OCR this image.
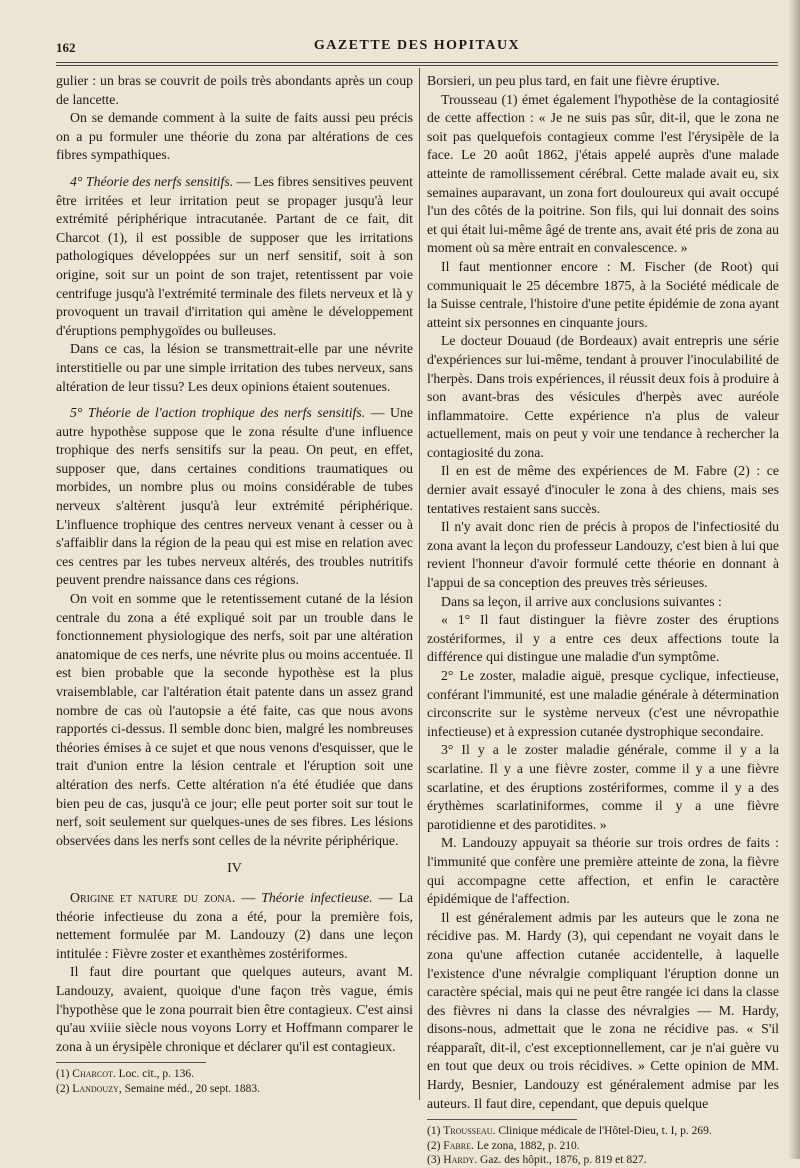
162	GAZETTE DES HOPITAUX

gulier : un bras se couvrit de poils très abondants après un coup de lancette.

On se demande comment à la suite de faits aussi peu précis on a pu formuler une théorie du zona par altérations de ces fibres sympathiques.

4° Théorie des nerfs sensitifs. — Les fibres sensitives peuvent être irritées et leur irritation peut se propager jusqu'à leur extrémité périphérique intracutanée. Partant de ce fait, dit Charcot (1), il est possible de supposer que les irritations pathologiques développées sur un nerf sensitif, soit à son origine, soit sur un point de son trajet, retentissent par voie centrifuge jusqu'à l'extrémité terminale des filets nerveux et là y provoquent un travail d'irritation qui amène le développement d'éruptions pemphygoïdes ou bulleuses.

Dans ce cas, la lésion se transmettrait-elle par une névrite interstitielle ou par une simple irritation des tubes nerveux, sans altération de leur tissu? Les deux opinions étaient soutenues.

5° Théorie de l'action trophique des nerfs sensitifs. — Une autre hypothèse suppose que le zona résulte d'une influence trophique des nerfs sensitifs sur la peau. On peut, en effet, supposer que, dans certaines conditions traumatiques ou morbides, un nombre plus ou moins considérable de tubes nerveux s'altèrent jusqu'à leur extrémité périphérique. L'influence trophique des centres nerveux venant à cesser ou à s'affaiblir dans la région de la peau qui est mise en relation avec ces centres par les tubes nerveux altérés, des troubles nutritifs peuvent prendre naissance dans ces régions.

On voit en somme que le retentissement cutané de la lésion centrale du zona a été expliqué soit par un trouble dans le fonctionnement physiologique des nerfs, soit par une altération anatomique de ces nerfs, une névrite plus ou moins accentuée. Il est bien probable que la seconde hypothèse est la plus vraisemblable, car l'altération était patente dans un assez grand nombre de cas où l'autopsie a été faite, cas que nous avons rapportés ci-dessus. Il semble donc bien, malgré les nombreuses théories émises à ce sujet et que nous venons d'esquisser, que le trait d'union entre la lésion centrale et l'éruption soit une altération des nerfs. Cette altération n'a été étudiée que dans bien peu de cas, jusqu'à ce jour; elle peut porter soit sur tout le nerf, soit seulement sur quelques-unes de ses fibres. Les lésions observées dans les nerfs sont celles de la névrite périphérique.

IV

Origine et nature du zona. — Théorie infectieuse. — La théorie infectieuse du zona a été, pour la première fois, nettement formulée par M. Landouzy (2) dans une leçon intitulée : Fièvre zoster et exanthèmes zostériformes.

Il faut dire pourtant que quelques auteurs, avant M. Landouzy, avaient, quoique d'une façon très vague, émis l'hypothèse que le zona pourrait bien être contagieux. C'est ainsi qu'au xviiie siècle nous voyons Lorry et Hoffmann comparer le zona à un érysipèle chronique et déclarer qu'il est contagieux.

(1) Charcot. Loc. cit., p. 136.
(2) Landouzy, Semaine méd., 20 sept. 1883.

Borsieri, un peu plus tard, en fait une fièvre éruptive.

Trousseau (1) émet également l'hypothèse de la contagiosité de cette affection : « Je ne suis pas sûr, dit-il, que le zona ne soit pas quelquefois contagieux comme l'est l'érysipèle de la face. Le 20 août 1862, j'étais appelé auprès d'une malade atteinte de ramollissement cérébral. Cette malade avait eu, six semaines auparavant, un zona fort douloureux qui avait occupé l'un des côtés de la poitrine. Son fils, qui lui donnait des soins et qui était lui-même âgé de trente ans, avait été pris de zona au moment où sa mère entrait en convalescence. »

Il faut mentionner encore : M. Fischer (de Root) qui communiquait le 25 décembre 1875, à la Société médicale de la Suisse centrale, l'histoire d'une petite épidémie de zona ayant atteint six personnes en cinquante jours.

Le docteur Douaud (de Bordeaux) avait entrepris une série d'expériences sur lui-même, tendant à prouver l'inoculabilité de l'herpès. Dans trois expériences, il réussit deux fois à produire à son avant-bras des vésicules d'herpès avec auréole inflammatoire. Cette expérience n'a plus de valeur actuellement, mais on peut y voir une tendance à rechercher la contagiosité du zona.

Il en est de même des expériences de M. Fabre (2) : ce dernier avait essayé d'inoculer le zona à des chiens, mais ses tentatives restaient sans succès.

Il n'y avait donc rien de précis à propos de l'infectiosité du zona avant la leçon du professeur Landouzy, c'est bien à lui que revient l'honneur d'avoir formulé cette théorie en donnant à l'appui de sa conception des preuves très sérieuses.

Dans sa leçon, il arrive aux conclusions suivantes :

« 1° Il faut distinguer la fièvre zoster des éruptions zostériformes, il y a entre ces deux affections toute la différence qui distingue une maladie d'un symptôme.

2° Le zoster, maladie aiguë, presque cyclique, infectieuse, conférant l'immunité, est une maladie générale à détermination circonscrite sur le système nerveux (c'est une névropathie infectieuse) et à expression cutanée dystrophique secondaire.

3° Il y a le zoster maladie générale, comme il y a la scarlatine. Il y a une fièvre zoster, comme il y a une fièvre scarlatine, et des éruptions zostériformes, comme il y a des érythèmes scarlatiniformes, comme il y a une fièvre parotidienne et des parotidites. »

M. Landouzy appuyait sa théorie sur trois ordres de faits : l'immunité que confère une première atteinte de zona, la fièvre qui accompagne cette affection, et enfin le caractère épidémique de l'affection.

Il est généralement admis par les auteurs que le zona ne récidive pas. M. Hardy (3), qui cependant ne voyait dans le zona qu'une affection cutanée accidentelle, à laquelle l'existence d'une névralgie compliquant l'éruption donne un caractère spécial, mais qui ne peut être rangée ici dans la classe des fièvres ni dans la classe des névralgies — M. Hardy, disons-nous, admettait que le zona ne récidive pas. « S'il réapparaît, dit-il, c'est exceptionnellement, car je n'ai guère vu en tout que deux ou trois récidives. » Cette opinion de MM. Hardy, Besnier, Landouzy est généralement admise par les auteurs. Il faut dire, cependant, que depuis quelque

(1) Trousseau. Clinique médicale de l'Hôtel-Dieu, t. I, p. 269.
(2) Fabre. Le zona, 1882, p. 210.
(3) Hardy. Gaz. des hôpit., 1876, p. 819 et 827.
